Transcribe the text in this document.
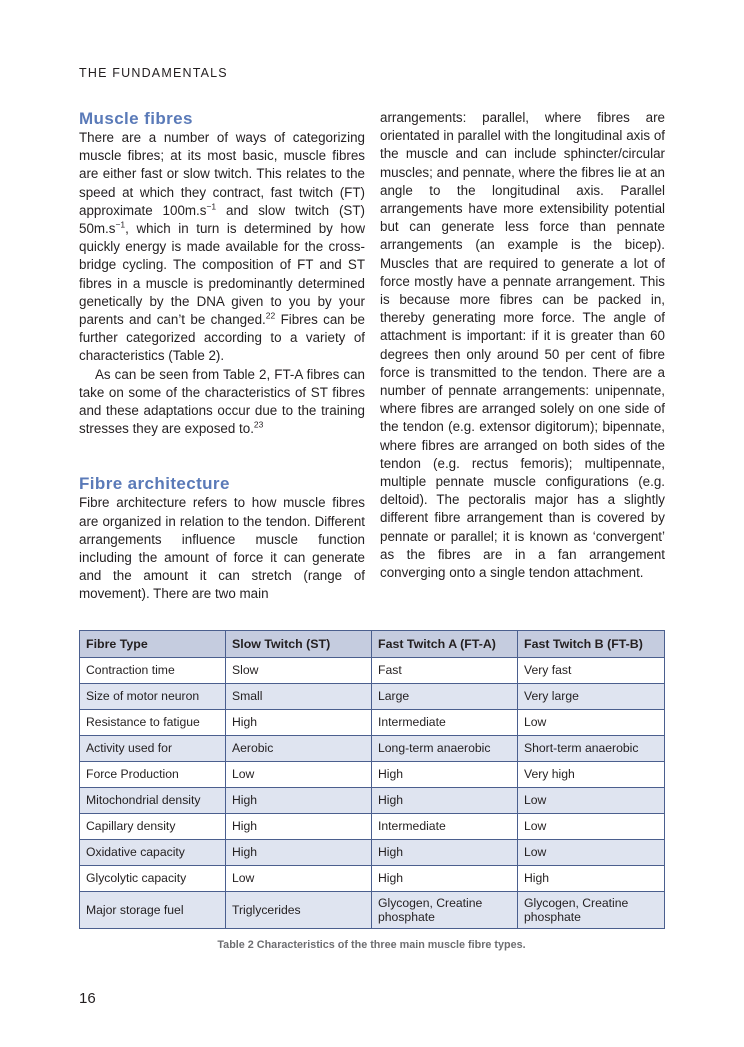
THE FUNDAMENTALS
Muscle fibres

There are a number of ways of categorizing muscle fibres; at its most basic, muscle fibres are either fast or slow twitch. This relates to the speed at which they contract, fast twitch (FT) approximate $100m.s^{-1}$ and slow twitch (ST) $50m.s^{-1}$, which in turn is determined by how quickly energy is made available for the cross-bridge cycling. The composition of FT and ST fibres in a muscle is predominantly determined genetically by the DNA given to you by your parents and can’t be changed.$^{22}$ Fibres can be further categorized according to a variety of characteristics (Table 2).

As can be seen from Table 2, FT-A fibres can take on some of the characteristics of ST fibres and these adaptations occur due to the training stresses they are exposed to.$^{23}$

Fibre architecture

Fibre architecture refers to how muscle fibres are organized in relation to the tendon. Different arrangements influence muscle function including the amount of force it can generate and the amount it can stretch (range of movement). There are two main

arrangements: parallel, where fibres are orientated in parallel with the longitudinal axis of the muscle and can include sphincter/circular muscles; and pennate, where the fibres lie at an angle to the longitudinal axis. Parallel arrangements have more extensibility potential but can generate less force than pennate arrangements (an example is the bicep). Muscles that are required to generate a lot of force mostly have a pennate arrangement. This is because more fibres can be packed in, thereby generating more force. The angle of attachment is important: if it is greater than 60 degrees then only around 50 per cent of fibre force is transmitted to the tendon. There are a number of pennate arrangements: unipennate, where fibres are arranged solely on one side of the tendon (e.g. extensor digitorum); bipennate, where fibres are arranged on both sides of the tendon (e.g. rectus femoris); multipennate, multiple pennate muscle configurations (e.g. deltoid). The pectoralis major has a slightly different fibre arrangement than is covered by pennate or parallel; it is known as ‘convergent’ as the fibres are in a fan arrangement converging onto a single tendon attachment.

Fibre Type	Slow Twitch (ST)	Fast Twitch A (FT-A)	Fast Twitch B (FT-B)
Contraction time	Slow	Fast	Very fast
Size of motor neuron	Small	Large	Very large
Resistance to fatigue	High	Intermediate	Low
Activity used for	Aerobic	Long-term anaerobic	Short-term anaerobic
Force Production	Low	High	Very high
Mitochondrial density	High	High	Low
Capillary density	High	Intermediate	Low
Oxidative capacity	High	High	Low
Glycolytic capacity	Low	High	High
Major storage fuel	Triglycerides	Glycogen, Creatine phosphate	Glycogen, Creatine phosphate
Table 2 Characteristics of the three main muscle fibre types.
16
